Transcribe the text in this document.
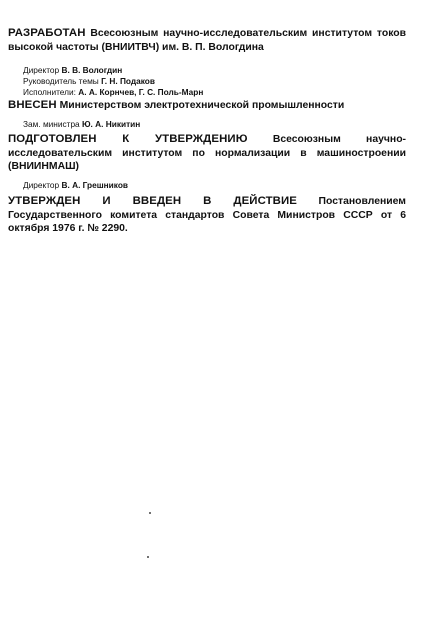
РАЗРАБОТАН Всесоюзным научно-исследовательским институтом токов высокой частоты (ВНИИТВЧ) им. В. П. Вологдина
Директор В. В. Вологдин
Руководитель темы Г. Н. Подаков
Исполнители: А. А. Корнчев, Г. С. Поль-Марн
ВНЕСЕН Министерством электротехнической промышленности
Зам. министра Ю. А. Никитин
ПОДГОТОВЛЕН К УТВЕРЖДЕНИЮ Всесоюзным научно-исследовательским институтом по нормализации в машиностроении (ВНИИНМАШ)
Директор В. А. Грешников
УТВЕРЖДЕН И ВВЕДЕН В ДЕЙСТВИЕ Постановлением Государственного комитета стандартов Совета Министров СССР от 6 октября 1976 г. № 2290.
